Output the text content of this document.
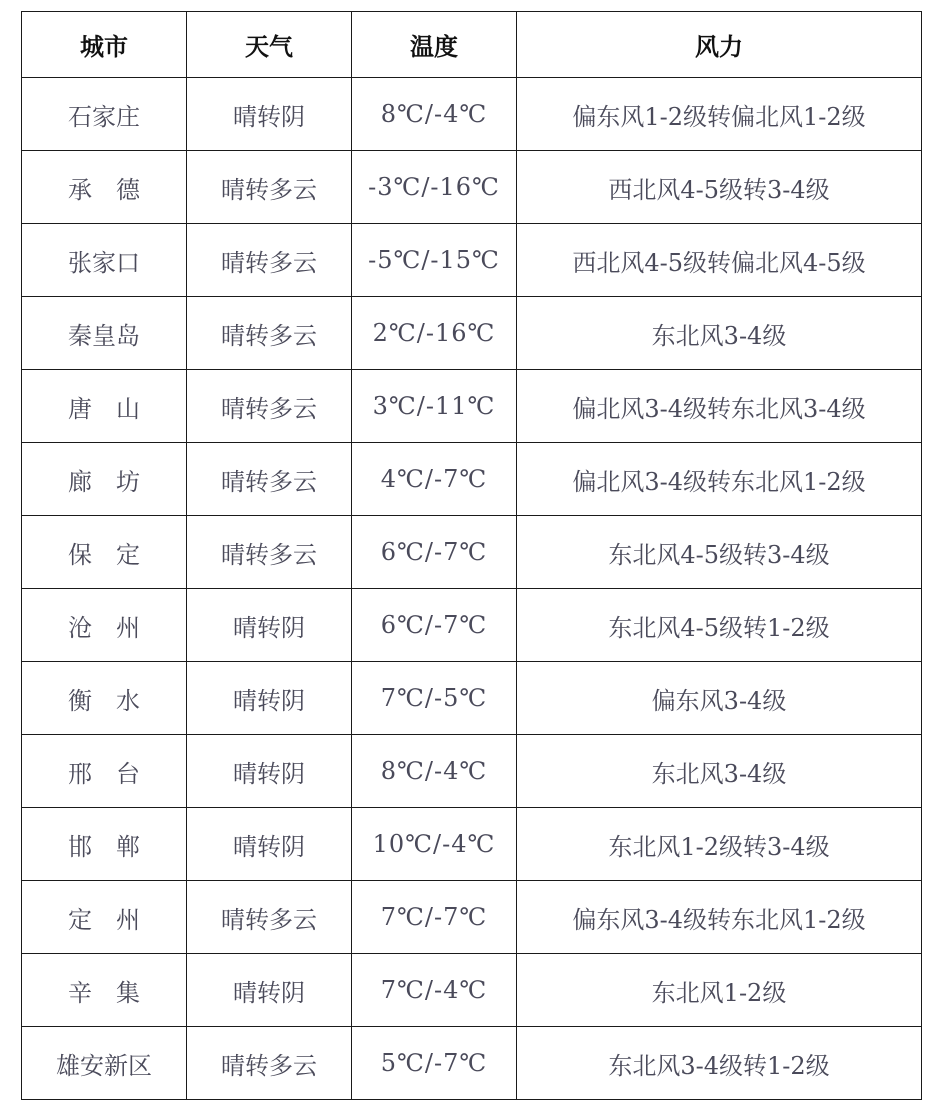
城市	天气	温度	风力
石家庄	晴转阴	8℃/-4℃	偏东风1-2级转偏北风1-2级
承　德	晴转多云	-3℃/-16℃	西北风4-5级转3-4级
张家口	晴转多云	-5℃/-15℃	西北风4-5级转偏北风4-5级
秦皇岛	晴转多云	2℃/-16℃	东北风3-4级
唐　山	晴转多云	3℃/-11℃	偏北风3-4级转东北风3-4级
廊　坊	晴转多云	4℃/-7℃	偏北风3-4级转东北风1-2级
保　定	晴转多云	6℃/-7℃	东北风4-5级转3-4级
沧　州	晴转阴	6℃/-7℃	东北风4-5级转1-2级
衡　水	晴转阴	7℃/-5℃	偏东风3-4级
邢　台	晴转阴	8℃/-4℃	东北风3-4级
邯　郸	晴转阴	10℃/-4℃	东北风1-2级转3-4级
定　州	晴转多云	7℃/-7℃	偏东风3-4级转东北风1-2级
辛　集	晴转阴	7℃/-4℃	东北风1-2级
雄安新区	晴转多云	5℃/-7℃	东北风3-4级转1-2级
